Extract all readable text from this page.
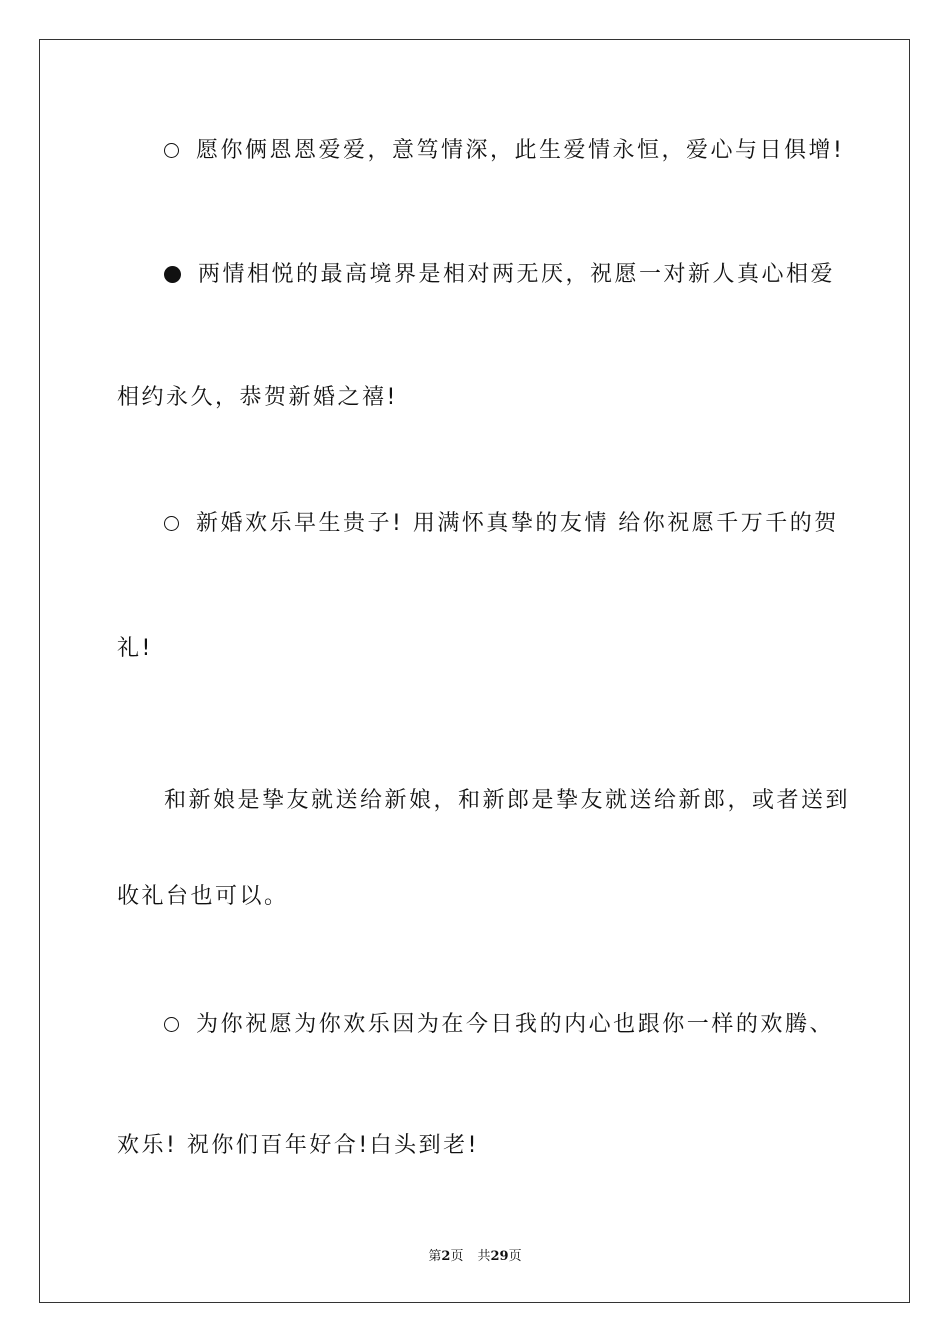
愿你俩恩恩爱爱，意笃情深，此生爱情永恒，爱心与日俱增!
两情相悦的最高境界是相对两无厌，祝愿一对新人真心相爱
相约永久，恭贺新婚之禧!
新婚欢乐早生贵子! 用满怀真挚的友情 给你祝愿千万千的贺
礼!
和新娘是挚友就送给新娘，和新郎是挚友就送给新郎，或者送到
收礼台也可以。
为你祝愿为你欢乐因为在今日我的内心也跟你一样的欢腾、
欢乐! 祝你们百年好合!白头到老!
第2页 共29页
